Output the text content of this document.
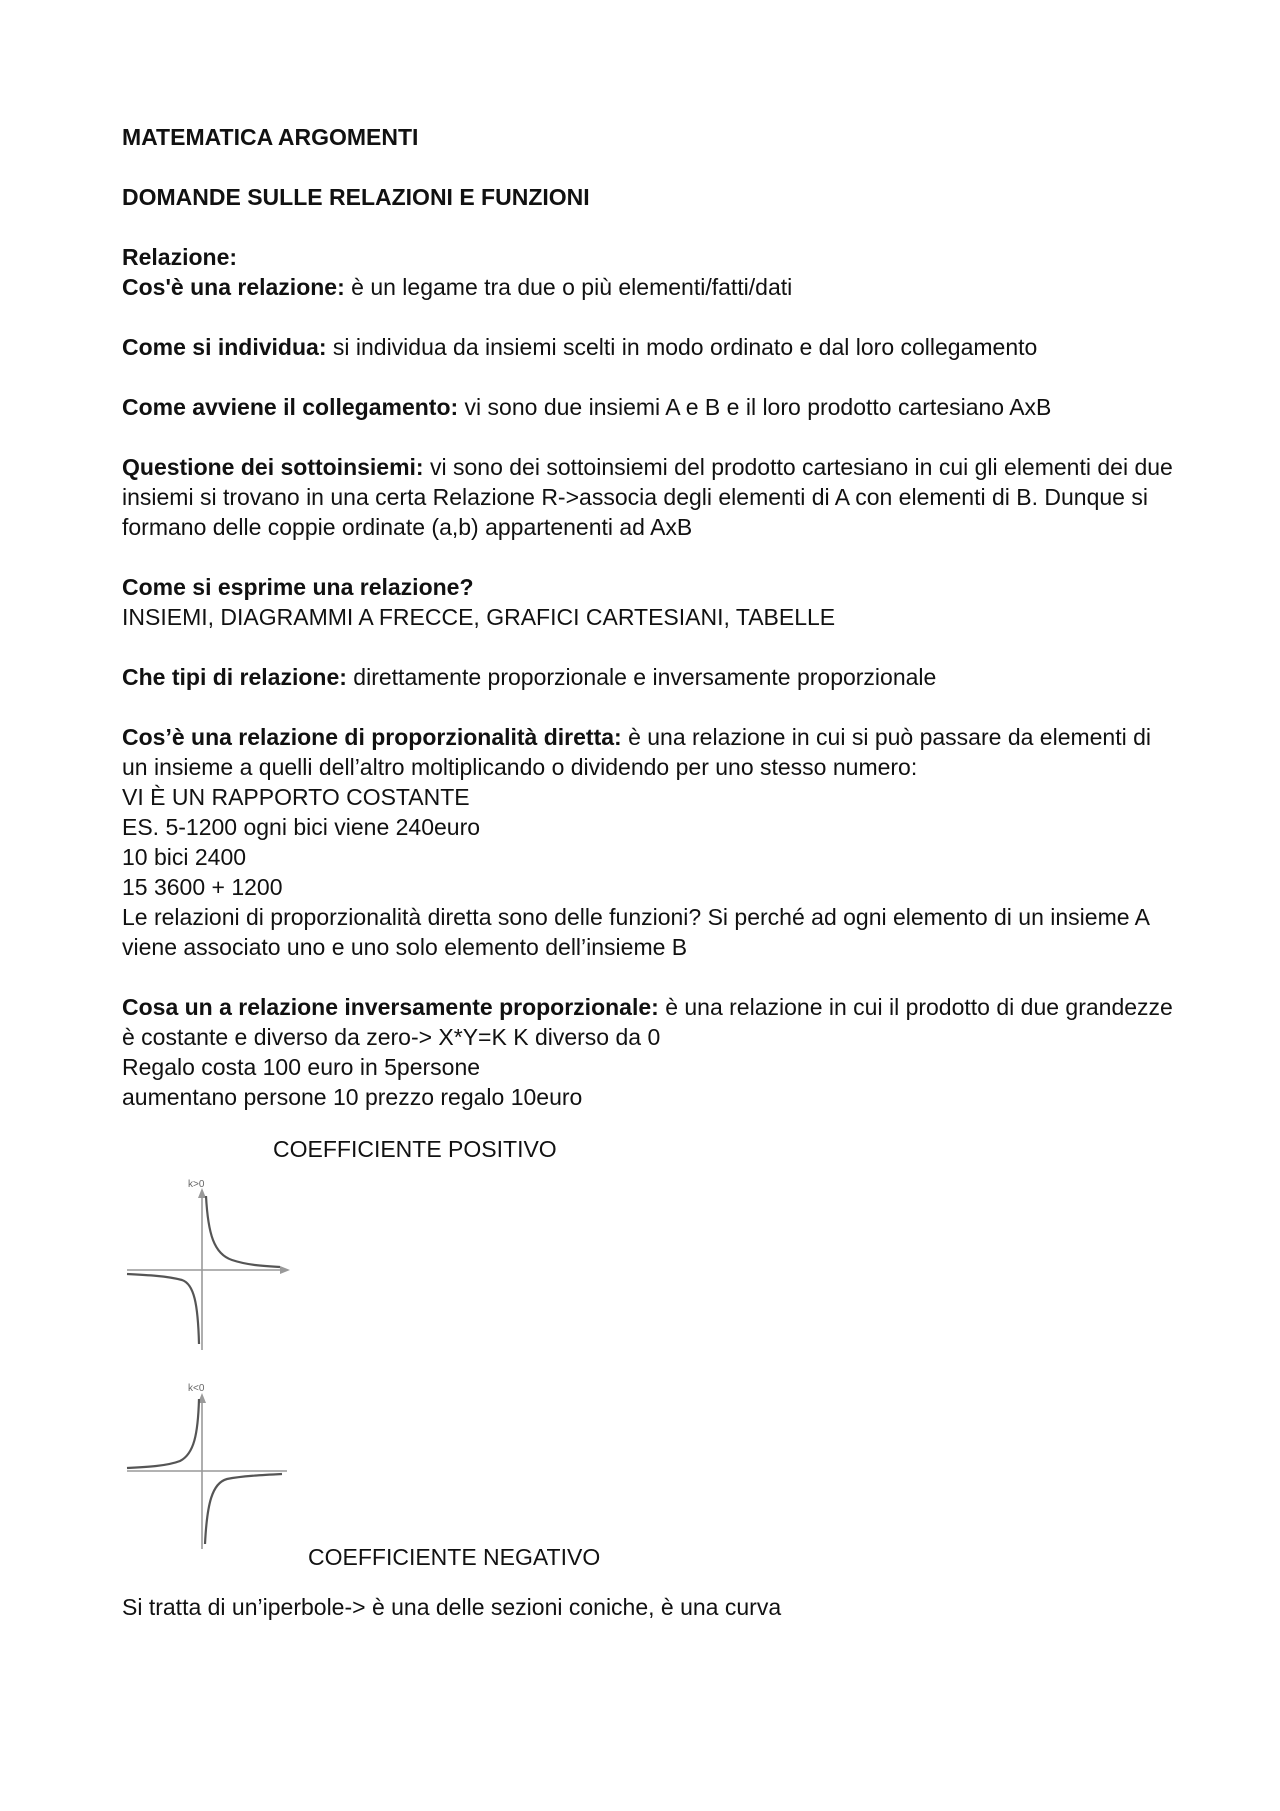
MATEMATICA ARGOMENTI
DOMANDE SULLE RELAZIONI E FUNZIONI
Relazione:

Cos'è una relazione: è un legame tra due o più elementi/fatti/dati

Come si individua: si individua da insiemi scelti in modo ordinato e dal loro collegamento

Come avviene il collegamento: vi sono due insiemi A e B e il loro prodotto cartesiano AxB

Questione dei sottoinsiemi: vi sono dei sottoinsiemi del prodotto cartesiano in cui gli elementi dei due insiemi si trovano in una certa Relazione R->associa degli elementi di A con elementi di B. Dunque si formano delle coppie ordinate (a,b) appartenenti ad AxB

Come si esprime una relazione?
INSIEMI, DIAGRAMMI A FRECCE, GRAFICI CARTESIANI, TABELLE

Che tipi di relazione: direttamente proporzionale e inversamente proporzionale

Cos’è una relazione di proporzionalità diretta: è una relazione in cui si può passare da elementi di un insieme a quelli dell’altro moltiplicando o dividendo per uno stesso numero:
VI È UN RAPPORTO COSTANTE
ES. 5-1200 ogni bici viene 240euro
10 bici 2400
15 3600 + 1200
Le relazioni di proporzionalità diretta sono delle funzioni? Si perché ad ogni elemento di un insieme A viene associato uno e uno solo elemento dell’insieme B

Cosa un a relazione inversamente proporzionale: è una relazione in cui il prodotto di due grandezze è costante e diverso da zero-> X*Y=K K diverso da 0
Regalo costa 100 euro in 5persone
aumentano persone 10 prezzo regalo 10euro

COEFFICIENTE POSITIVO
k>0
k<0
COEFFICIENTE NEGATIVO

Si tratta di un’iperbole-> è una delle sezioni coniche, è una curva
